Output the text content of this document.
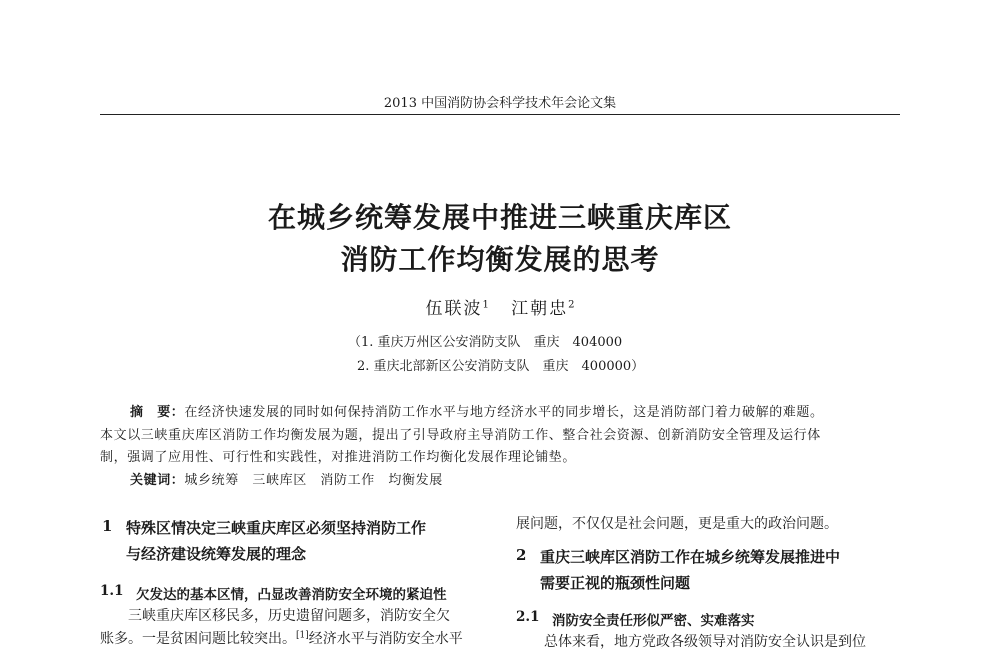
2013 中国消防协会科学技术年会论文集
在城乡统筹发展中推进三峡重庆库区
消防工作均衡发展的思考
伍联波$^1$ 江朝忠$^2$
（1. 重庆万州区公安消防支队　重庆　404000
2. 重庆北部新区公安消防支队　重庆　400000）
摘　要：在经济快速发展的同时如何保持消防工作水平与地方经济水平的同步增长，这是消防部门着力破解的难题。
本文以三峡重庆库区消防工作均衡发展为题，提出了引导政府主导消防工作、整合社会资源、创新消防安全管理及运行体
制，强调了应用性、可行性和实践性，对推进消防工作均衡化发展作理论铺垫。
关键词：城乡统筹　三峡库区　消防工作　均衡发展
1 特殊区情决定三峡重庆库区必须坚持消防工作
与经济建设统筹发展的理念
1.1 欠发达的基本区情，凸显改善消防安全环境的紧迫性
三峡重庆库区移民多，历史遗留问题多，消防安全欠
账多。一是贫困问题比较突出。[1]经济水平与消防安全水平
展问题，不仅仅是社会问题，更是重大的政治问题。
2 重庆三峡库区消防工作在城乡统筹发展推进中
需要正视的瓶颈性问题
2.1 消防安全责任形似严密、实难落实
总体来看，地方党政各级领导对消防安全认识是到位
